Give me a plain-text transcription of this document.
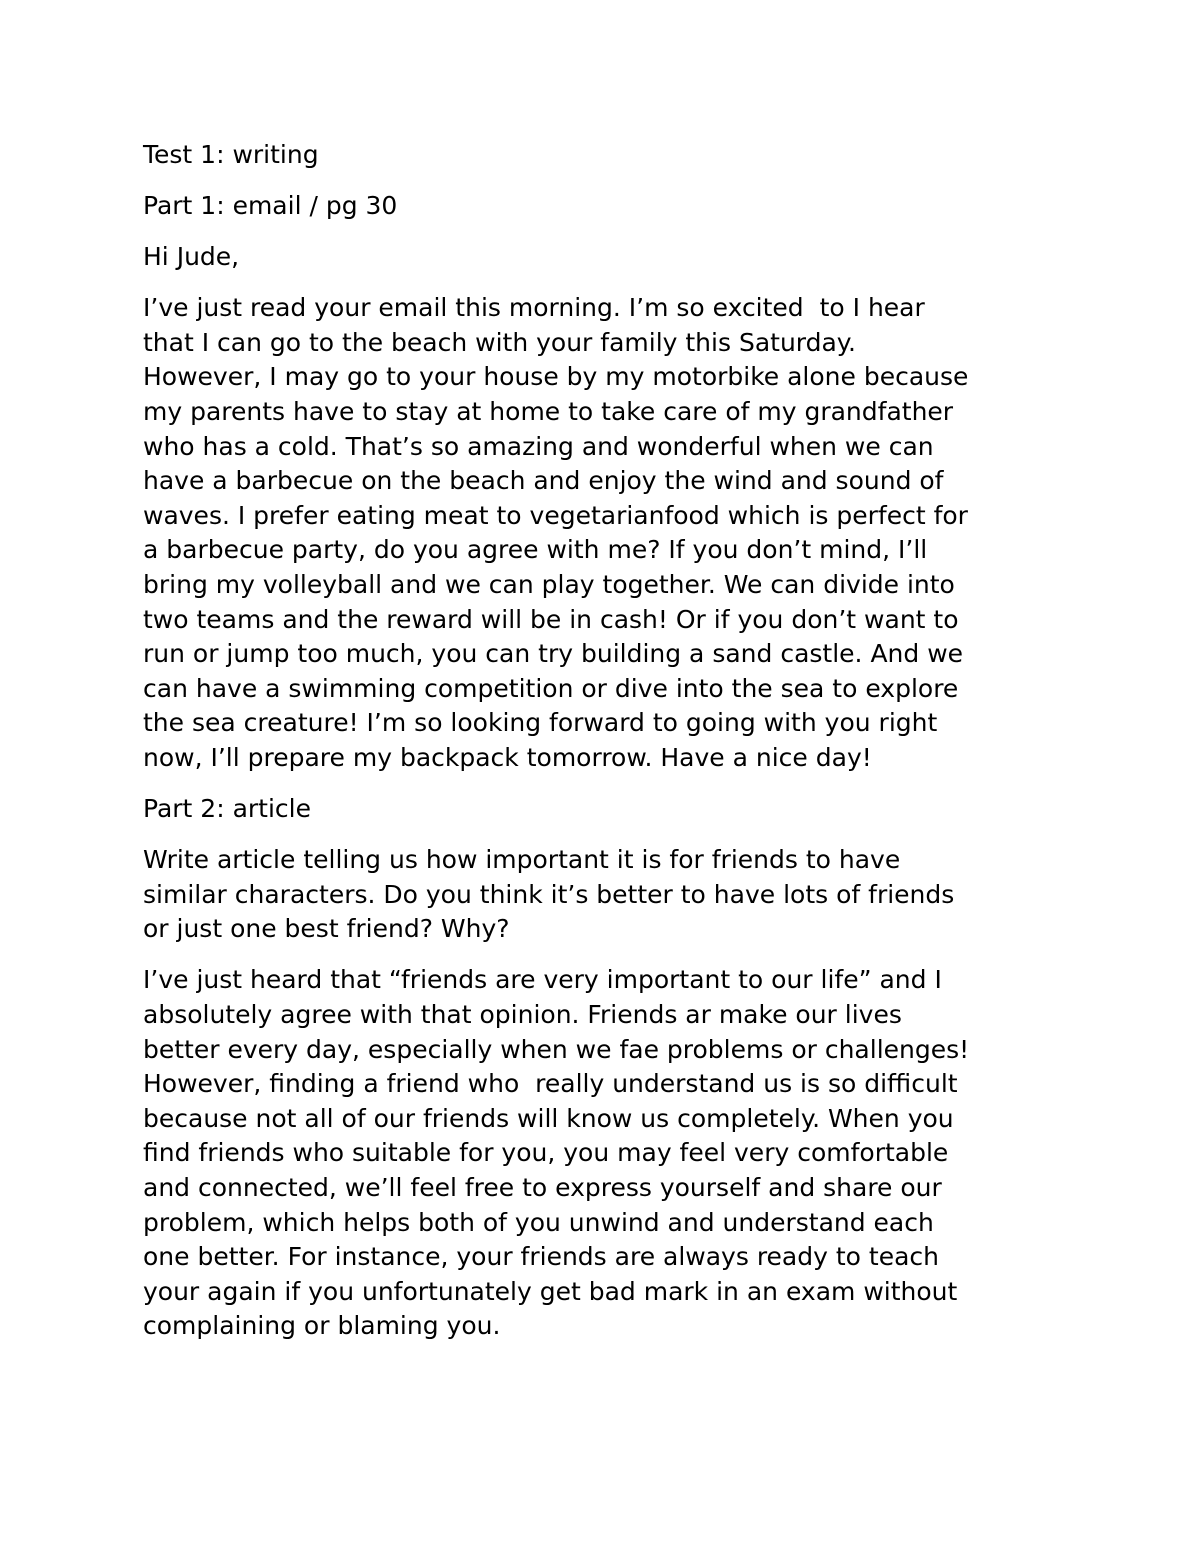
Test 1: writing

Part 1: email / pg 30

Hi Jude,

I’ve just read your email this morning. I’m so excited  to I hear
that I can go to the beach with your family this Saturday.
However, I may go to your house by my motorbike alone because
my parents have to stay at home to take care of my grandfather
who has a cold. That’s so amazing and wonderful when we can
have a barbecue on the beach and enjoy the wind and sound of
waves. I prefer eating meat to vegetarianfood which is perfect for
a barbecue party, do you agree with me? If you don’t mind, I’ll
bring my volleyball and we can play together. We can divide into
two teams and the reward will be in cash! Or if you don’t want to
run or jump too much, you can try building a sand castle. And we
can have a swimming competition or dive into the sea to explore
the sea creature! I’m so looking forward to going with you right
now, I’ll prepare my backpack tomorrow. Have a nice day!

Part 2: article

Write article telling us how important it is for friends to have
similar characters. Do you think it’s better to have lots of friends
or just one best friend? Why?

I’ve just heard that “friends are very important to our life” and I
absolutely agree with that opinion. Friends ar make our lives
better every day, especially when we fae problems or challenges!
However, finding a friend who  really understand us is so difficult
because not all of our friends will know us completely. When you
find friends who suitable for you, you may feel very comfortable
and connected, we’ll feel free to express yourself and share our
problem, which helps both of you unwind and understand each
one better. For instance, your friends are always ready to teach
your again if you unfortunately get bad mark in an exam without
complaining or blaming you.
